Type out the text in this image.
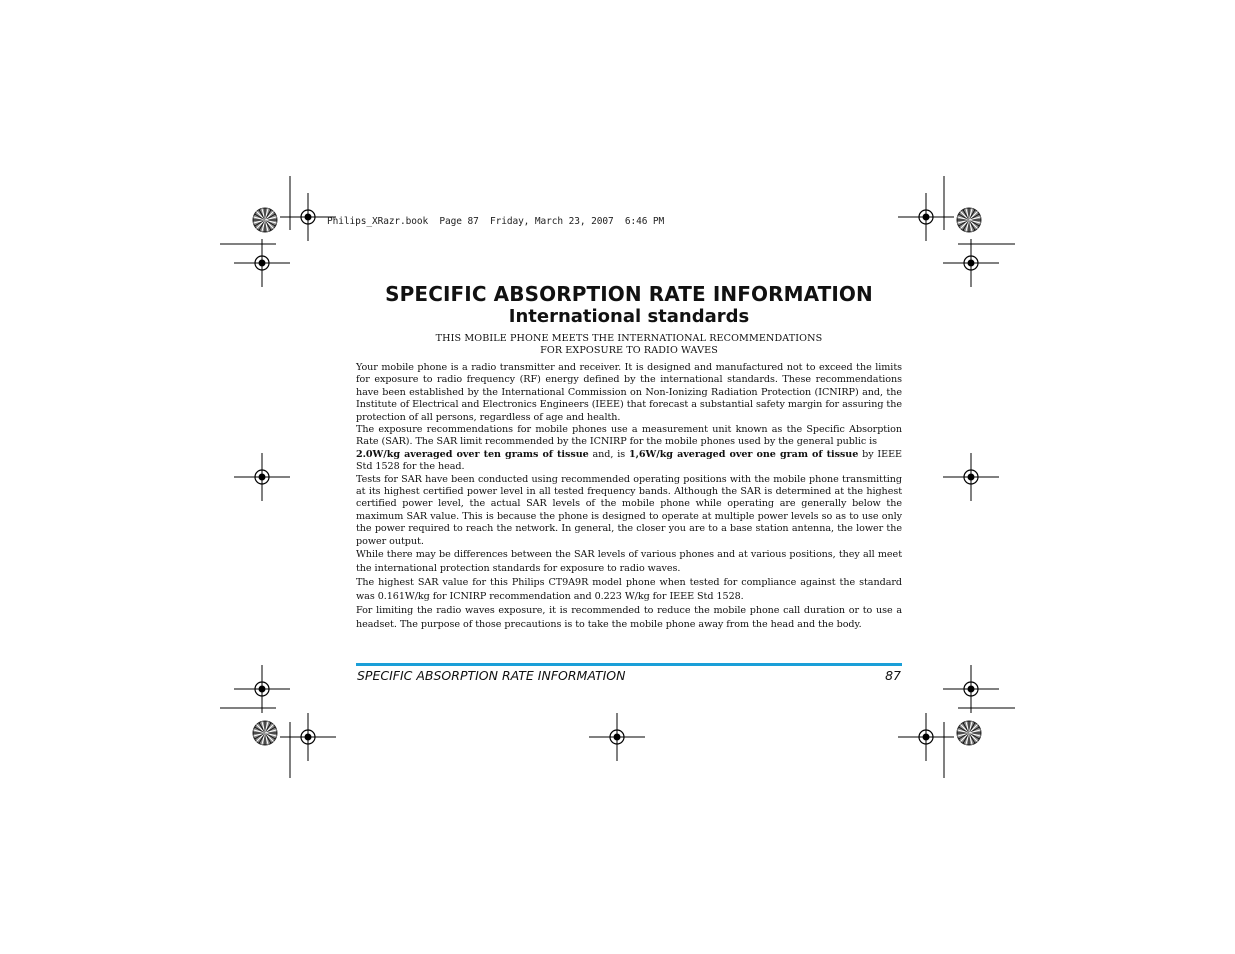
Philips_XRazr.book  Page 87  Friday, March 23, 2007  6:46 PM
SPECIFIC ABSORPTION RATE INFORMATION
International standards
THIS MOBILE PHONE MEETS THE INTERNATIONAL RECOMMENDATIONS
FOR EXPOSURE TO RADIO WAVES

Your mobile phone is a radio transmitter and receiver. It is designed and manufactured not to exceed the limits for exposure to radio frequency (RF) energy defined by the international standards. These recommendations have been established by the International Commission on Non-Ionizing Radiation Protection (ICNIRP) and, the Institute of Electrical and Electronics Engineers (IEEE) that forecast a substantial safety margin for assuring the protection of all persons, regardless of age and health.

The exposure recommendations for mobile phones use a measurement unit known as the Specific Absorption Rate (SAR). The SAR limit recommended by the ICNIRP for the mobile phones used by the general public is
2.0W/kg averaged over ten grams of tissue and, is 1,6W/kg averaged over one gram of tissue by IEEE Std 1528 for the head.

Tests for SAR have been conducted using recommended operating positions with the mobile phone transmitting at its highest certified power level in all tested frequency bands. Although the SAR is determined at the highest certified power level, the actual SAR levels of the mobile phone while operating are generally below the maximum SAR value. This is because the phone is designed to operate at multiple power levels so as to use only the power required to reach the network. In general, the closer you are to a base station antenna, the lower the power output.

While there may be differences between the SAR levels of various phones and at various positions, they all meet the international protection standards for exposure to radio waves.

The highest SAR value for this Philips CT9A9R model phone when tested for compliance against the standard was 0.161W/kg for ICNIRP recommendation and 0.223 W/kg for IEEE Std 1528.

For limiting the radio waves exposure, it is recommended to reduce the mobile phone call duration or to use a headset. The purpose of those precautions is to take the mobile phone away from the head and the body.

SPECIFIC ABSORPTION RATE INFORMATION	87
